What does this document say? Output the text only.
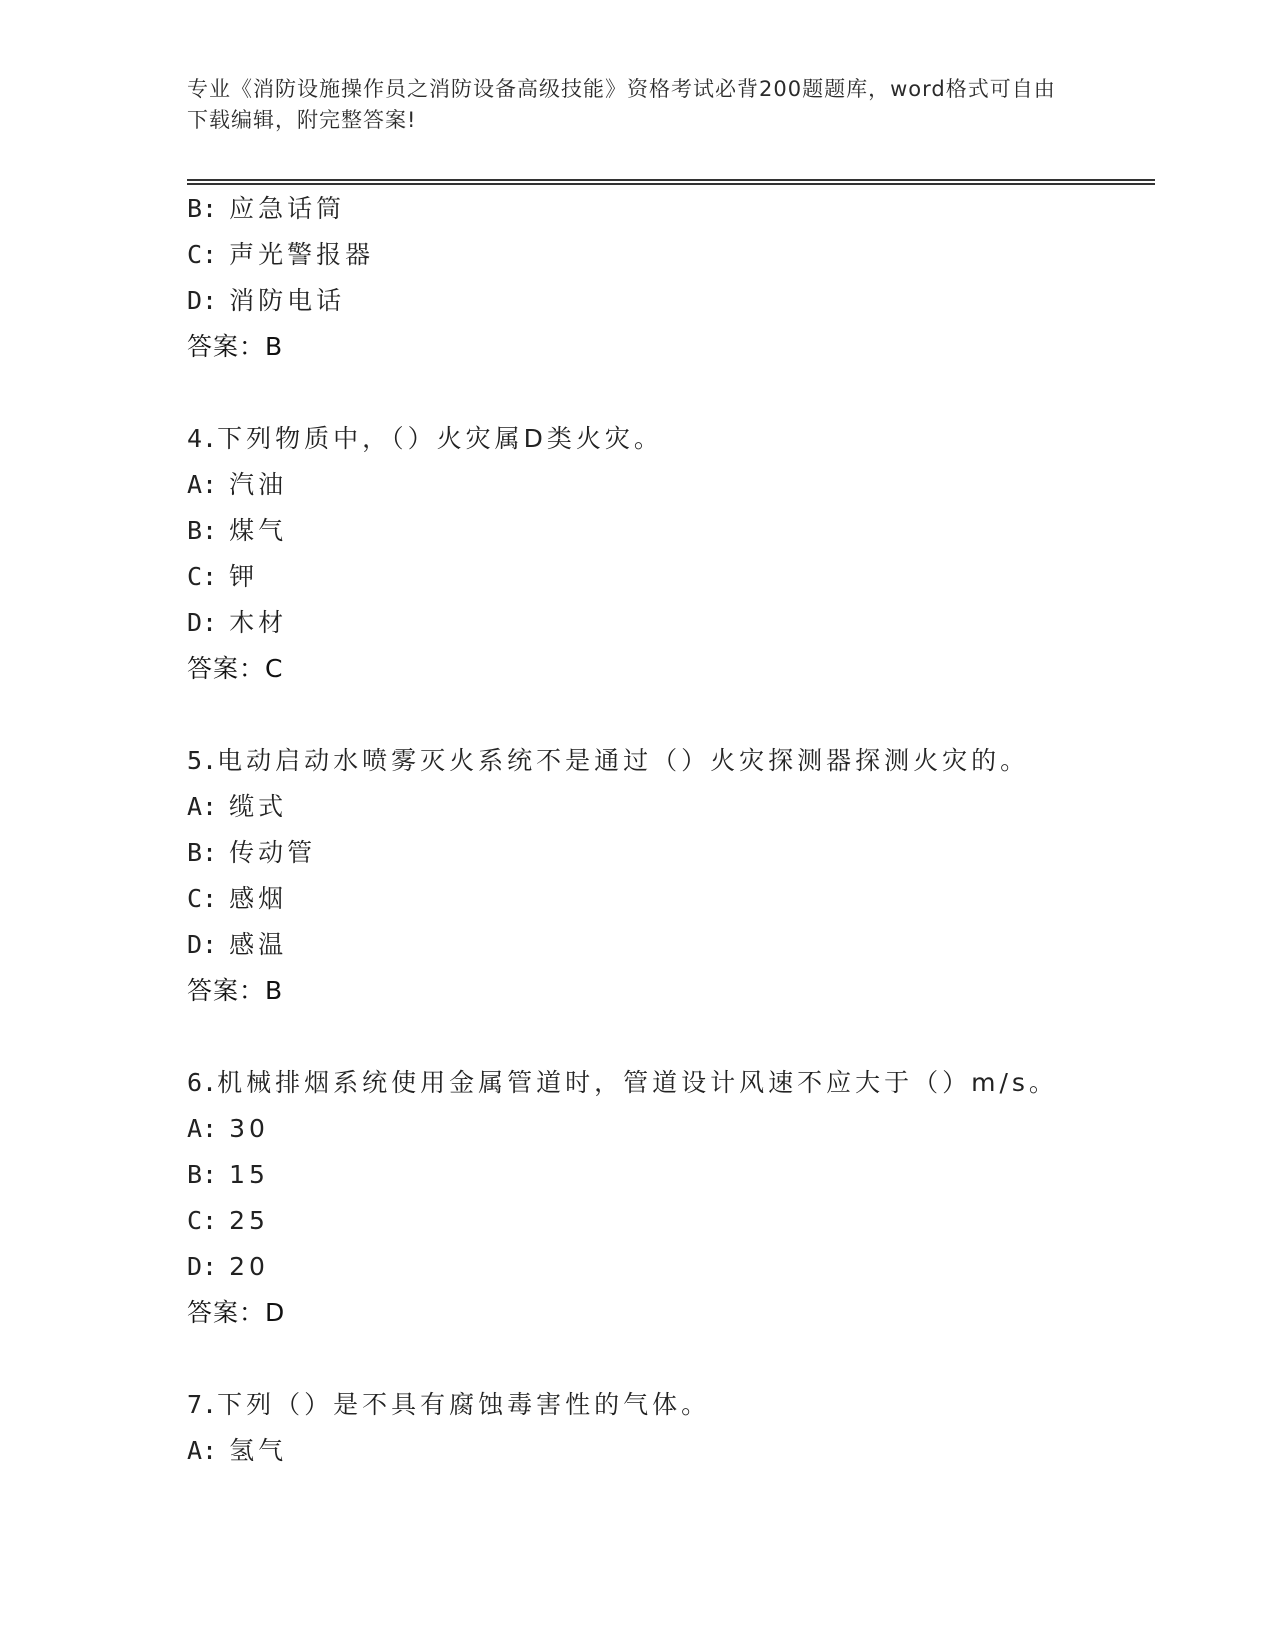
专业《消防设施操作员之消防设备高级技能》资格考试必背200题题库，word格式可自由下载编辑，附完整答案!
B: 应急话筒
C: 声光警报器
D: 消防电话
答案：B
4.下列物质中，（）火灾属D类火灾。
A: 汽油
B: 煤气
C: 钾
D: 木材
答案：C
5.电动启动水喷雾灭火系统不是通过（）火灾探测器探测火灾的。
A: 缆式
B: 传动管
C: 感烟
D: 感温
答案：B
6.机械排烟系统使用金属管道时，管道设计风速不应大于（）m/s。
A: 30
B: 15
C: 25
D: 20
答案：D
7.下列（）是不具有腐蚀毒害性的气体。
A: 氢气
